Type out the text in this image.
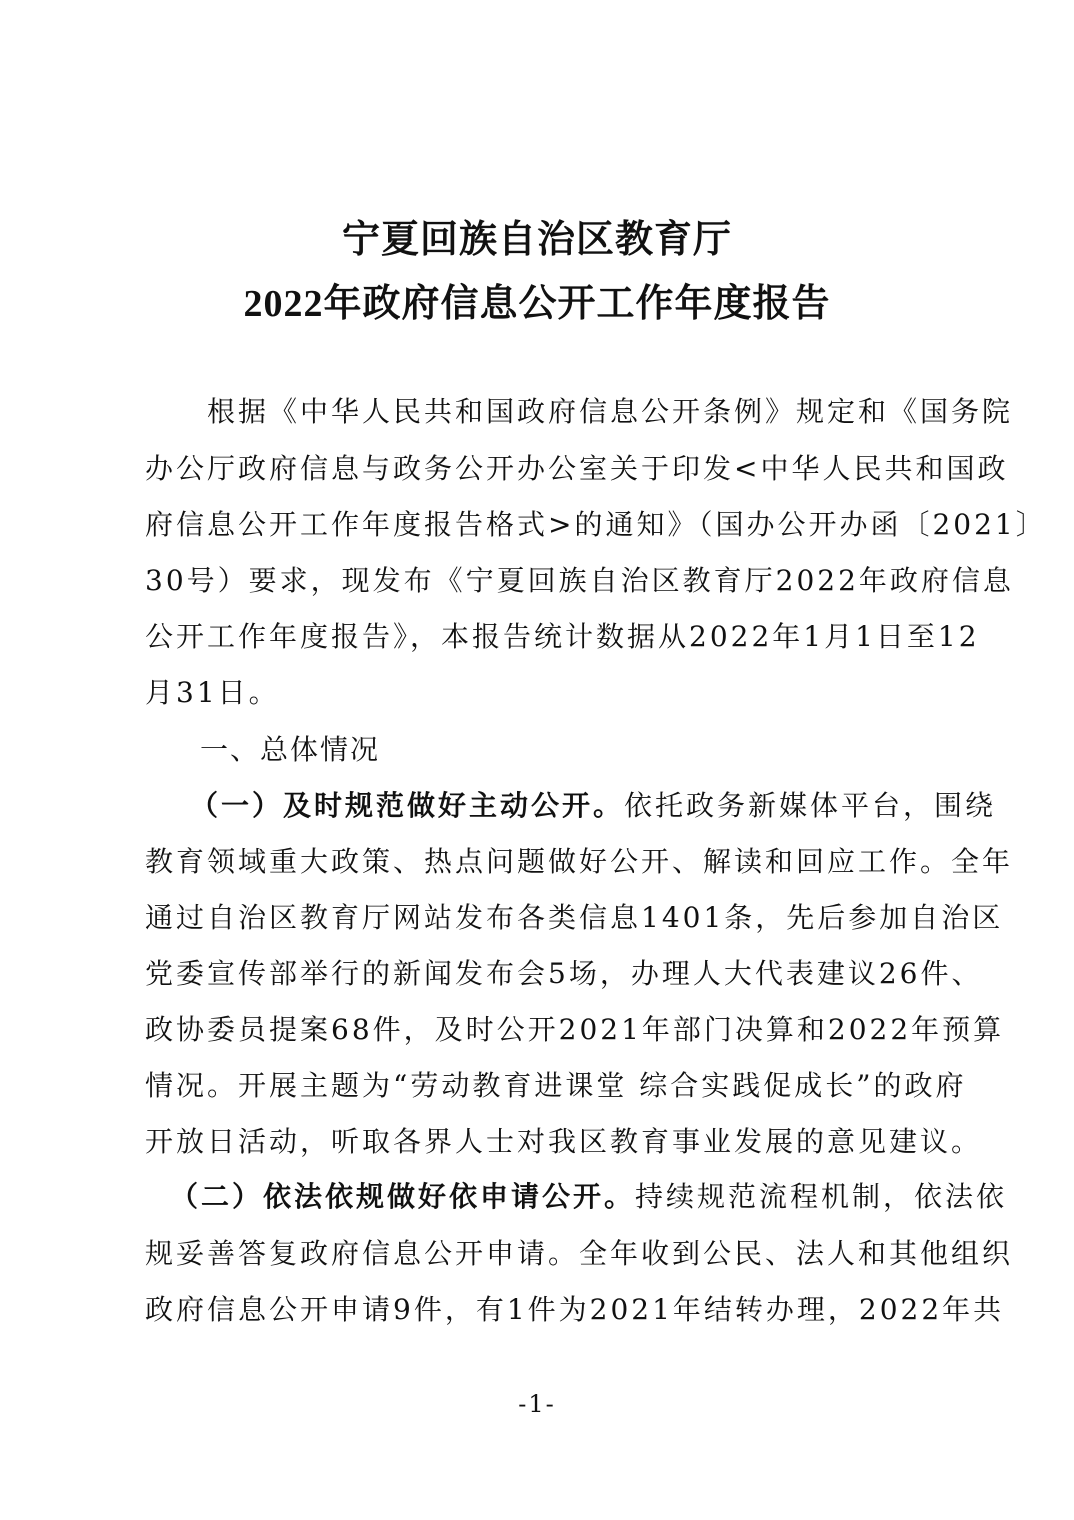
宁夏回族自治区教育厅
2022年政府信息公开工作年度报告
　　根据《中华人民共和国政府信息公开条例》规定和《国务院
办公厅政府信息与政务公开办公室关于印发<中华人民共和国政
府信息公开工作年度报告格式>的通知》（国办公开办函〔2021〕
30号）要求，现发布《宁夏回族自治区教育厅2022年政府信息
公开工作年度报告》，本报告统计数据从2022年1月1日至12
月31日。
一、总体情况
（一）及时规范做好主动公开。依托政务新媒体平台，围绕
教育领域重大政策、热点问题做好公开、解读和回应工作。全年
通过自治区教育厅网站发布各类信息1401条，先后参加自治区
党委宣传部举行的新闻发布会5场，办理人大代表建议26件、
政协委员提案68件，及时公开2021年部门决算和2022年预算
情况。开展主题为“劳动教育进课堂 综合实践促成长”的政府
开放日活动，听取各界人士对我区教育事业发展的意见建议。
（二）依法依规做好依申请公开。持续规范流程机制，依法依
规妥善答复政府信息公开申请。全年收到公民、法人和其他组织
政府信息公开申请9件，有1件为2021年结转办理，2022年共
-1-
